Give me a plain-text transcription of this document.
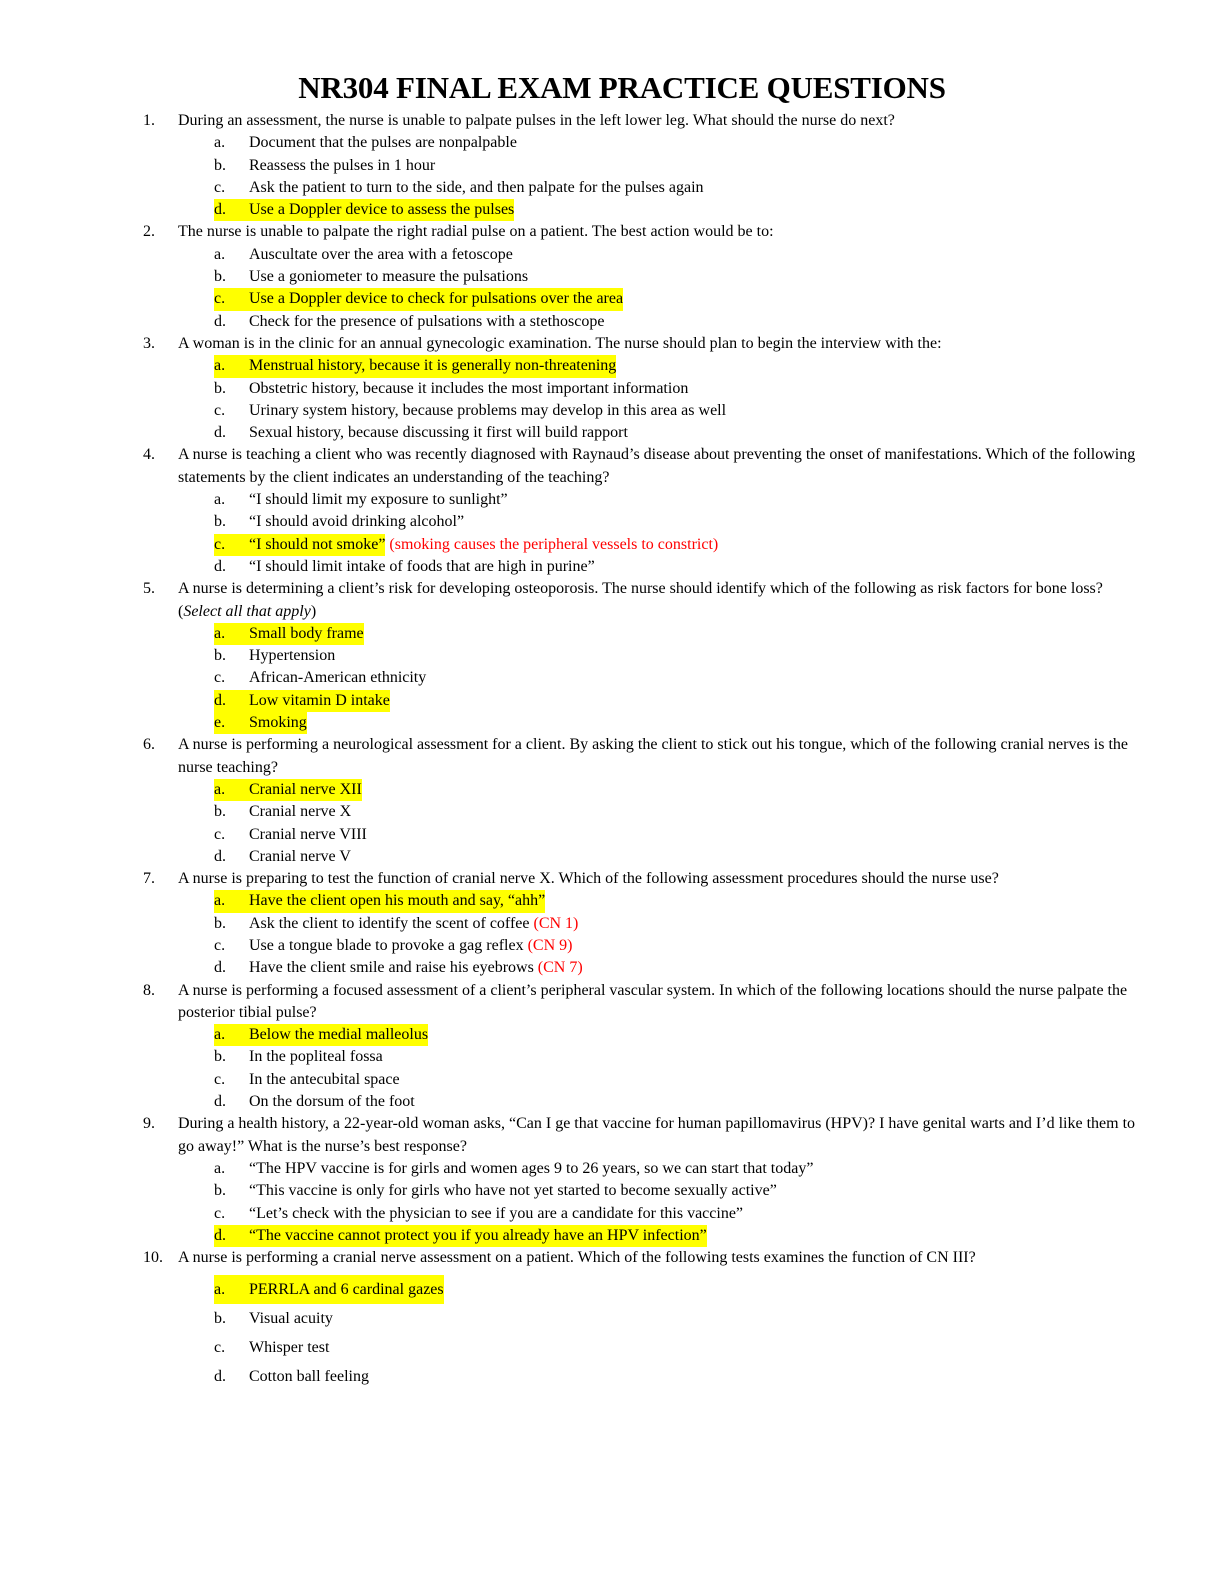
NR304 FINAL EXAM PRACTICE QUESTIONS
1.	During an assessment, the nurse is unable to palpate pulses in the left lower leg. What should the nurse do next?
a.	Document that the pulses are nonpalpable
b.	Reassess the pulses in 1 hour
c.	Ask the patient to turn to the side, and then palpate for the pulses again
d.	Use a Doppler device to assess the pulses
2.	The nurse is unable to palpate the right radial pulse on a patient. The best action would be to:
a.	Auscultate over the area with a fetoscope
b.	Use a goniometer to measure the pulsations
c.	Use a Doppler device to check for pulsations over the area
d.	Check for the presence of pulsations with a stethoscope
3.	A woman is in the clinic for an annual gynecologic examination. The nurse should plan to begin the interview with the:
a.	Menstrual history, because it is generally non-threatening
b.	Obstetric history, because it includes the most important information
c.	Urinary system history, because problems may develop in this area as well
d.	Sexual history, because discussing it first will build rapport
4.	A nurse is teaching a client who was recently diagnosed with Raynaud’s disease about preventing the onset of manifestations. Which of the following statements by the client indicates an understanding of the teaching?
a.	“I should limit my exposure to sunlight”
b.	“I should avoid drinking alcohol”
c.	“I should not smoke”
(smoking causes the peripheral vessels to constrict)
d.	“I should limit intake of foods that are high in purine”
5.	A nurse is determining a client’s risk for developing osteoporosis. The nurse should identify which of the following as risk factors for bone loss? (Select all that apply)
a.	Small body frame
b.	Hypertension
c.	African-American ethnicity
d.	Low vitamin D intake
e.	Smoking
6.	A nurse is performing a neurological assessment for a client. By asking the client to stick out his tongue, which of the following cranial nerves is the nurse teaching?
a.	Cranial nerve XII
b.	Cranial nerve X
c.	Cranial nerve VIII
d.	Cranial nerve V
7.	A nurse is preparing to test the function of cranial nerve X. Which of the following assessment procedures should the nurse use?
a.	Have the client open his mouth and say, “ahh”
b.	Ask the client to identify the scent of coffee
(CN 1)
c.	Use a tongue blade to provoke a gag reflex
(CN 9)
d.	Have the client smile and raise his eyebrows
(CN 7)
8.	A nurse is performing a focused assessment of a client’s peripheral vascular system. In which of the following locations should the nurse palpate the posterior tibial pulse?
a.	Below the medial malleolus
b.	In the popliteal fossa
c.	In the antecubital space
d.	On the dorsum of the foot
9.	During a health history, a 22-year-old woman asks, “Can I ge that vaccine for human papillomavirus (HPV)? I have genital warts and I’d like them to go away!” What is the nurse’s best response?
a.	“The HPV vaccine is for girls and women ages 9 to 26 years, so we can start that today”
b.	“This vaccine is only for girls who have not yet started to become sexually active”
c.	“Let’s check with the physician to see if you are a candidate for this vaccine”
d.	“The vaccine cannot protect you if you already have an HPV infection”
10. A nurse is performing a cranial nerve assessment on a patient. Which of the following tests examines the function of CN III?
a.	PERRLA and 6 cardinal gazes
b.	Visual acuity
c.	Whisper test
d.	Cotton ball feeling
